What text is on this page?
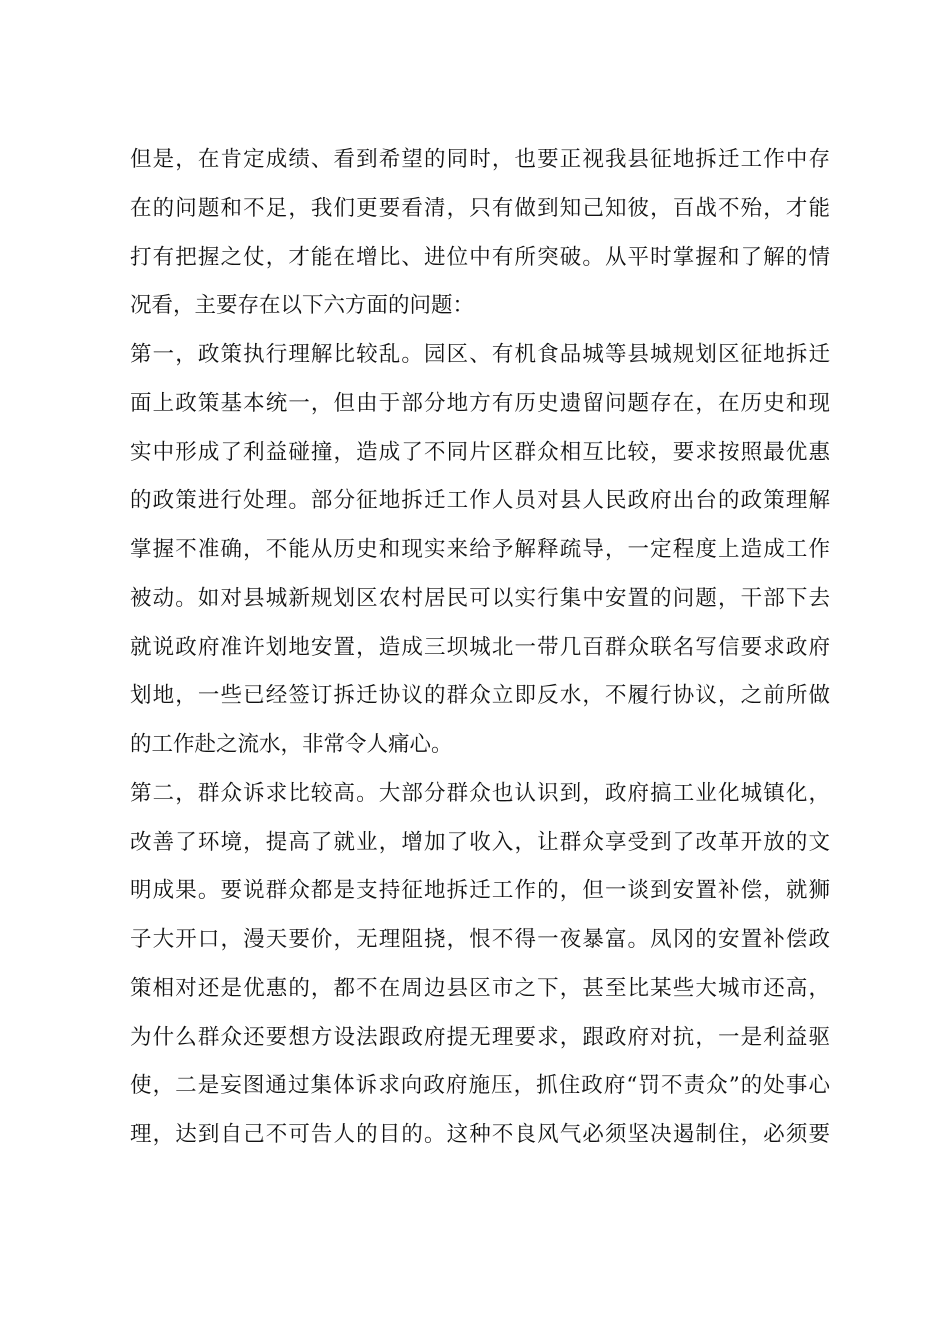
但是，在肯定成绩、看到希望的同时，也要正视我县征地拆迁工作中存
在的问题和不足，我们更要看清，只有做到知己知彼，百战不殆，才能
打有把握之仗，才能在增比、进位中有所突破。从平时掌握和了解的情
况看，主要存在以下六方面的问题：
第一，政策执行理解比较乱。园区、有机食品城等县城规划区征地拆迁
面上政策基本统一，但由于部分地方有历史遗留问题存在，在历史和现
实中形成了利益碰撞，造成了不同片区群众相互比较，要求按照最优惠
的政策进行处理。部分征地拆迁工作人员对县人民政府出台的政策理解
掌握不准确，不能从历史和现实来给予解释疏导，一定程度上造成工作
被动。如对县城新规划区农村居民可以实行集中安置的问题，干部下去
就说政府准许划地安置，造成三坝城北一带几百群众联名写信要求政府
划地，一些已经签订拆迁协议的群众立即反水，不履行协议，之前所做
的工作赴之流水，非常令人痛心。
第二，群众诉求比较高。大部分群众也认识到，政府搞工业化城镇化，
改善了环境，提高了就业，增加了收入，让群众享受到了改革开放的文
明成果。要说群众都是支持征地拆迁工作的，但一谈到安置补偿，就狮
子大开口，漫天要价，无理阻挠，恨不得一夜暴富。凤冈的安置补偿政
策相对还是优惠的，都不在周边县区市之下，甚至比某些大城市还高，
为什么群众还要想方设法跟政府提无理要求，跟政府对抗，一是利益驱
使，二是妄图通过集体诉求向政府施压，抓住政府“罚不责众”的处事心
理，达到自己不可告人的目的。这种不良风气必须坚决遏制住，必须要
